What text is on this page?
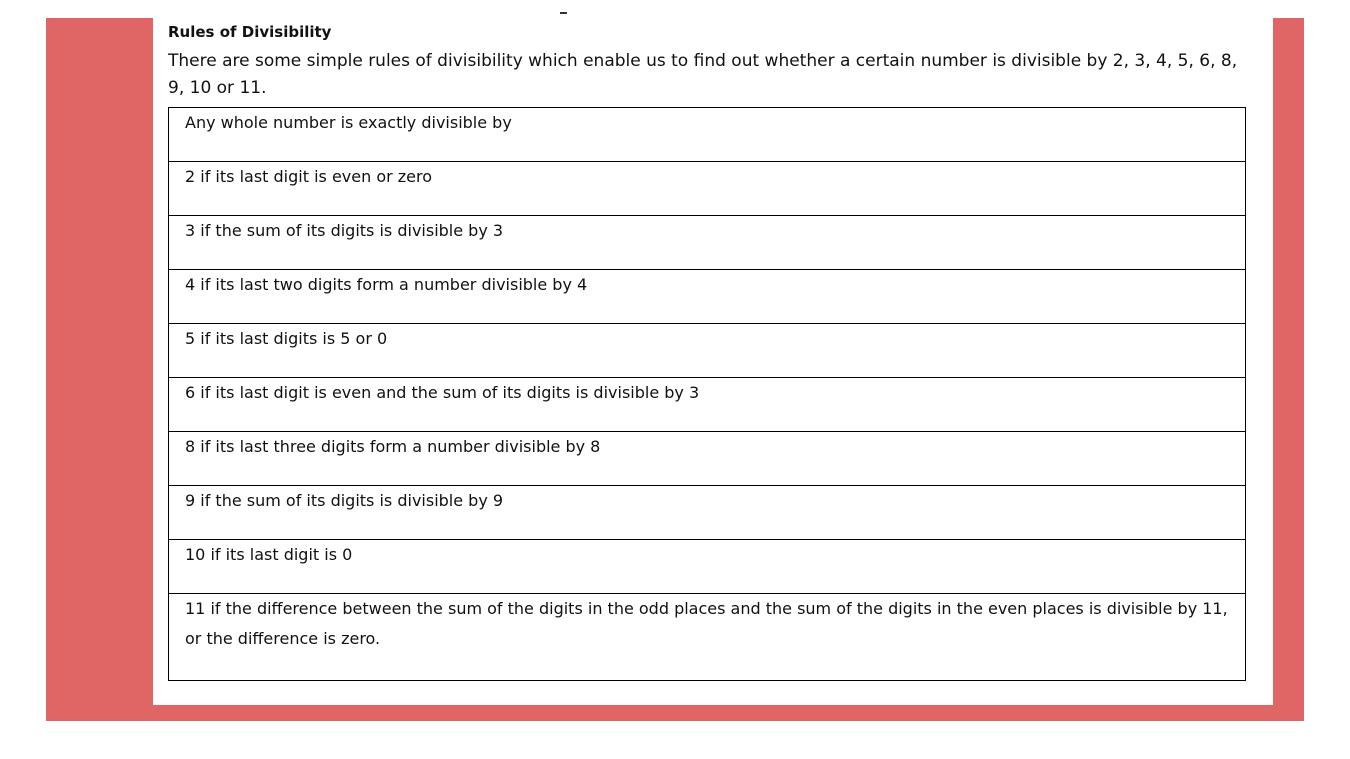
Rules of Divisibility

There are some simple rules of divisibility which enable us to find out whether a certain number is divisible by 2, 3, 4, 5, 6, 8, 9, 10 or 11.

Any whole number is exactly divisible by
2 if its last digit is even or zero
3 if the sum of its digits is divisible by 3
4 if its last two digits form a number divisible by 4
5 if its last digits is 5 or 0
6 if its last digit is even and the sum of its digits is divisible by 3
8 if its last three digits form a number divisible by 8
9 if the sum of its digits is divisible by 9
10 if its last digit is 0
11 if the difference between the sum of the digits in the odd places and the sum of the digits in the even places is divisible by 11, or the difference is zero.
